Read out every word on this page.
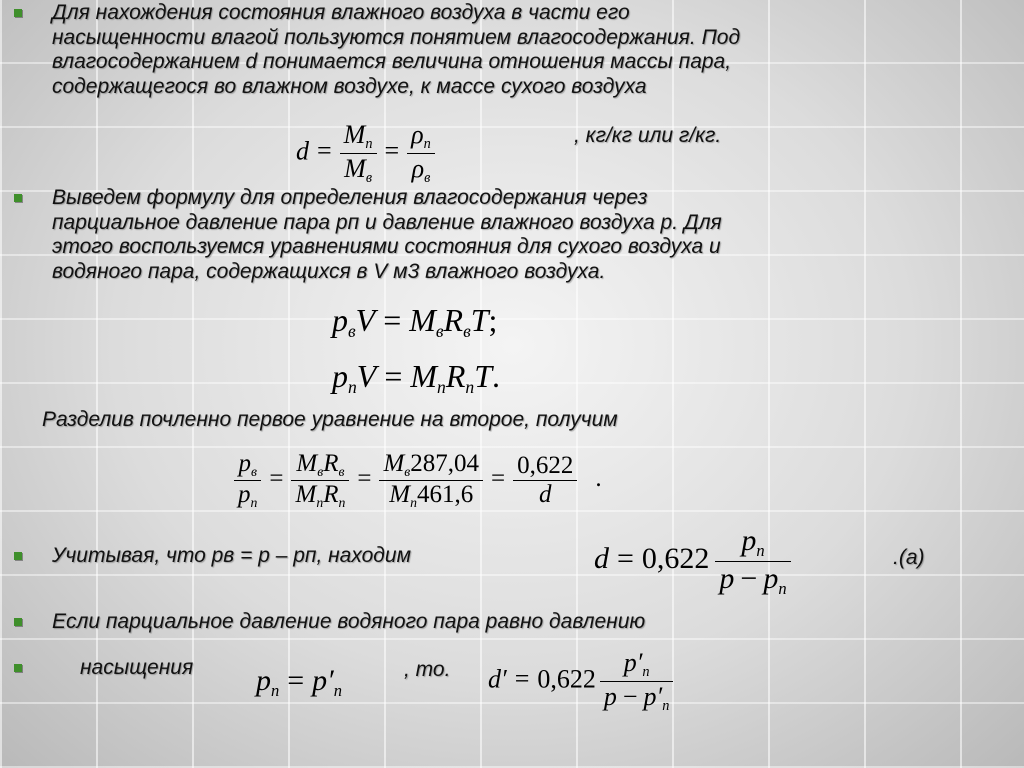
Для нахождения состояния влажного воздуха в части его
насыщенности влагой пользуются понятием влагосодержания. Под
влагосодержанием d понимается величина отношения массы пара,
содержащегося во влажном воздухе, к массе сухого воздуха
$d = \frac{M_п}{M_в} = \frac{\rho_п}{\rho_в}$	, кг/кг или г/кг.
Выведем формулу для определения влагосодержания через
парциальное давление пара рп и давление влажного воздуха р. Для
этого воспользуемся уравнениями состояния для сухого воздуха и
водяного пара, содержащихся в V м3 влажного воздуха.
$p_вV = M_вR_вT$;
$p_nV = M_nR_nT$.
Разделив почленно первое уравнение на второе, получим
$\frac{p_в}{p_n} = \frac{M_вR_в}{M_nR_n} = \frac{M_в287,04}{M_n461,6} = \frac{0,622}{d}$ .
Учитывая, что рв = р – рп, находим	$d = 0,622 \frac{p_n}{p - p_n}$	.(а)
Если парциальное давление водяного пара равно давлению
насыщения $p_n = p'_n$
, то. $d' = 0,622 \frac{p'_n}{p - p'_n}$
